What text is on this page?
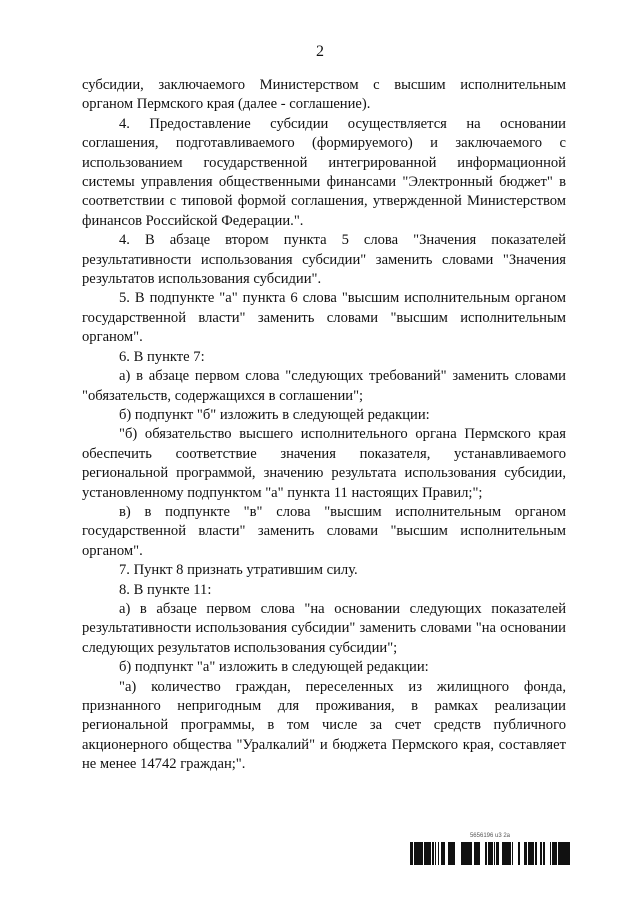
2

субсидии, заключаемого Министерством с высшим исполнительным органом Пермского края (далее - соглашение).

4. Предоставление субсидии осуществляется на основании соглашения, подготавливаемого (формируемого) и заключаемого с использованием государственной интегрированной информационной системы управления общественными финансами "Электронный бюджет" в соответствии с типовой формой соглашения, утвержденной Министерством финансов Российской Федерации.".

4. В абзаце втором пункта 5 слова "Значения показателей результативности использования субсидии" заменить словами "Значения результатов использования субсидии".

5. В подпункте "а" пункта 6 слова "высшим исполнительным органом государственной власти" заменить словами "высшим исполнительным органом".

6. В пункте 7:

а) в абзаце первом слова "следующих требований" заменить словами "обязательств, содержащихся в соглашении";

б) подпункт "б" изложить в следующей редакции:

"б) обязательство высшего исполнительного органа Пермского края обеспечить соответствие значения показателя, устанавливаемого региональной программой, значению результата использования субсидии, установленному подпунктом "а" пункта 11 настоящих Правил;";

в) в подпункте "в" слова "высшим исполнительным органом государственной власти" заменить словами "высшим исполнительным органом".

7. Пункт 8 признать утратившим силу.

8. В пункте 11:

а) в абзаце первом слова "на основании следующих показателей результативности использования субсидии" заменить словами "на основании следующих результатов использования субсидии";

б) подпункт "а" изложить в следующей редакции:

"а) количество граждан, переселенных из жилищного фонда, признанного непригодным для проживания, в рамках реализации региональной программы, в том числе за счет средств публичного акционерного общества "Уралкалий" и бюджета Пермского края, составляет не менее 14742 граждан;".

5656196 u3 2a
